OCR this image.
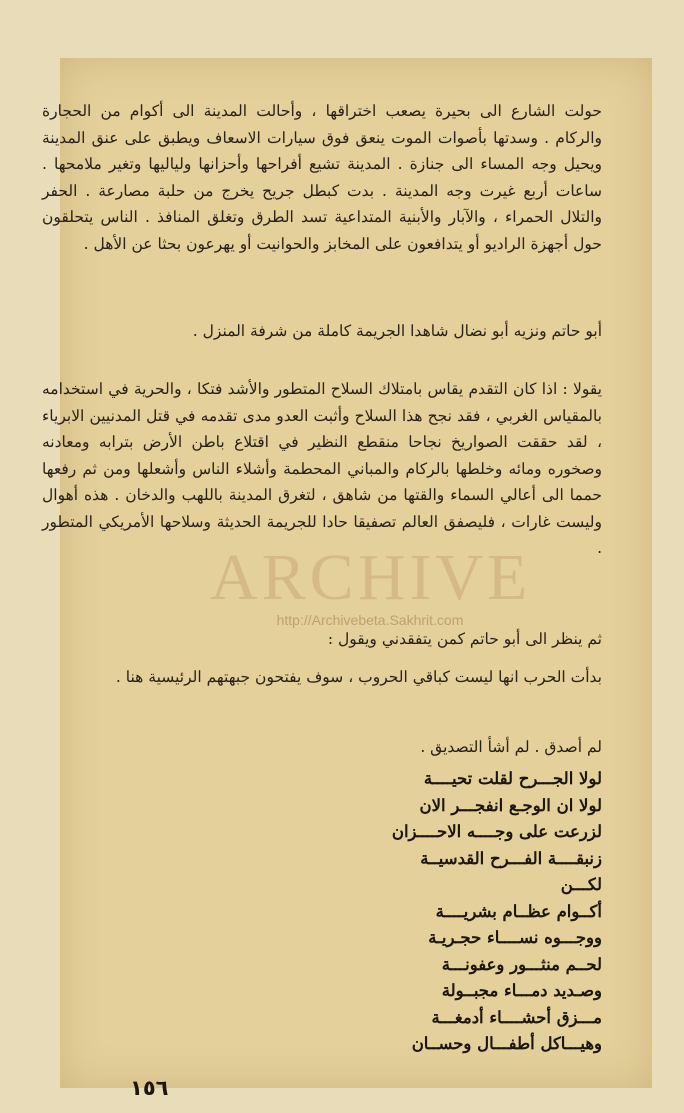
حولت الشارع الى بحيرة يصعب اختراقها ، وأحالت المدينة الى أكوام من الحجارة والركام . وسدتها بأصوات الموت ينعق فوق سيارات الاسعاف ويطبق على عنق المدينة ويحيل وجه المساء الى جنازة . المدينة تشيع أفراحها وأحزانها ولياليها وتغير ملامحها . ساعات أربع غيرت وجه المدينة . بدت كبطل جريح يخرج من حلبة مصارعة . الحفر والتلال الحمراء ، والآبار والأبنية المتداعية تسد الطرق وتغلق المنافذ . الناس يتحلقون حول أجهزة الراديو أو يتدافعون على المخابز والحوانيت أو يهرعون بحثا عن الأهل .

أبو حاتم ونزيه أبو نضال شاهدا الجريمة كاملة من شرفة المنزل .

يقولا : اذا كان التقدم يقاس بامتلاك السلاح المتطور والأشد فتكا ، والحرية في استخدامه بالمقياس الغربي ، فقد نجح هذا السلاح وأثبت العدو مدى تقدمه في قتل المدنيين الابرياء ، لقد حققت الصواريخ نجاحا منقطع النظير في اقتلاع باطن الأرض بترابه ومعادنه وصخوره ومائه وخلطها بالركام والمباني المحطمة وأشلاء الناس وأشعلها ومن ثم رفعها حمما الى أعالي السماء والقتها من شاهق ، لتغرق المدينة باللهب والدخان . هذه أهوال وليست غارات ، فليصفق العالم تصفيقا حادا للجريمة الحديثة وسلاحها الأمريكي المتطور .

ثم ينظر الى أبو حاتم كمن يتفقدني ويقول :

بدأت الحرب انها ليست كباقي الحروب ، سوف يفتحون جبهتهم الرئيسية هنا .

لم أصدق . لم أشأ التصديق .

لولا الجـــرح لقلت تحيــــة
لولا ان الوجـع انفجـــر الان
لزرعت على وجــــه الاحــــزان
زنبقــــة الفـــرح القدسيــة
لكـــن
أكــوام عظــام بشريــــة
ووجـــوه نســــاء حجـريـة
لحــم منثـــور وعفونـــة
وصـديد دمـــاء مجبــولة
مـــزق أحشــــاء أدمغـــة
وهيـــاكل أطفـــال وحســان
١٥٦
ARCHIVE
http://Archivebeta.Sakhrit.com
